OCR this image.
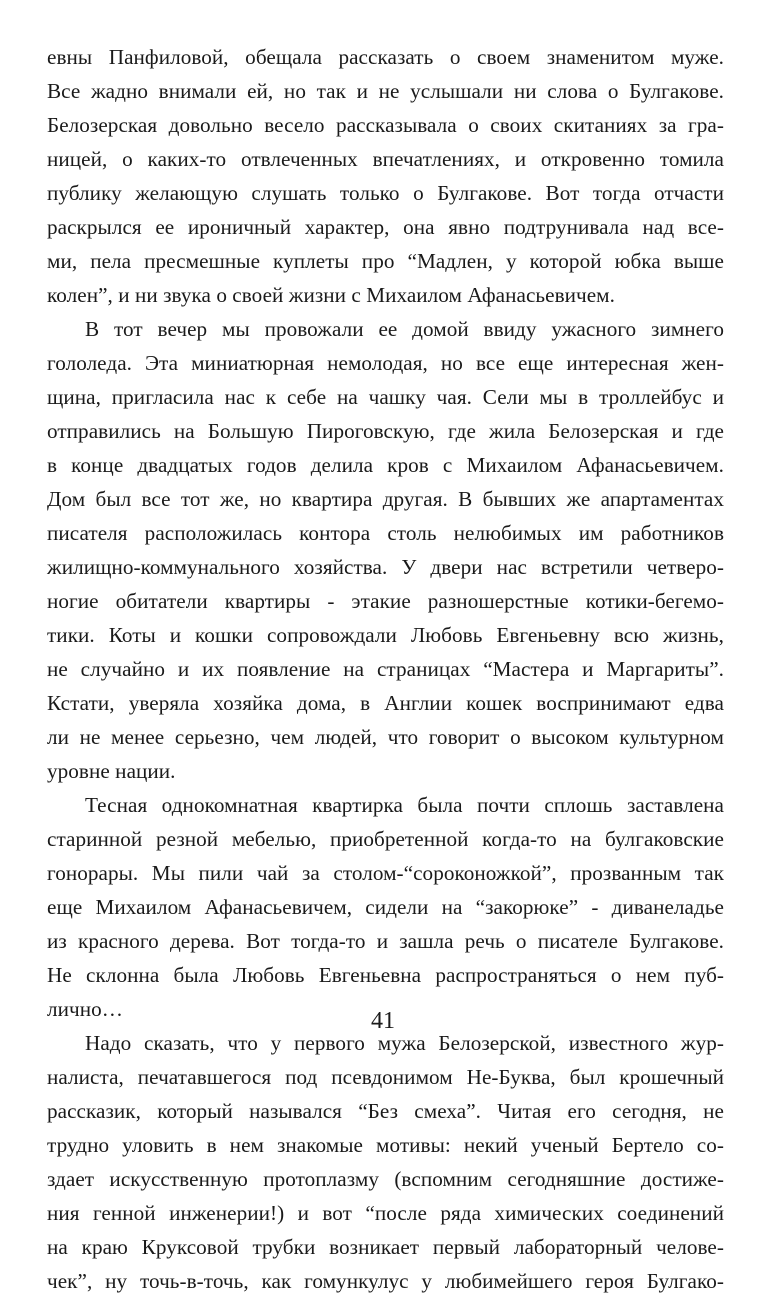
евны Панфиловой, обещала рассказать о своем знаменитом муже.
Все жадно внимали ей, но так и не услышали ни слова о Булгакове.
Белозерская довольно весело рассказывала о своих скитаниях за гра-
ницей, о каких-то отвлеченных впечатлениях, и откровенно томила
публику желающую слушать только о Булгакове. Вот тогда отчасти
раскрылся ее ироничный характер, она явно подтрунивала над все-
ми, пела пресмешные куплеты про “Мадлен, у которой юбка выше
колен”, и ни звука о своей жизни с Михаилом Афанасьевичем.
В тот вечер мы провожали ее домой ввиду ужасного зимнего
гололеда. Эта миниатюрная немолодая, но все еще интересная жен-
щина, пригласила нас к себе на чашку чая. Сели мы в троллейбус и
отправились на Большую Пироговскую, где жила Белозерская и где
в конце двадцатых годов делила кров с Михаилом Афанасьевичем.
Дом был все тот же, но квартира другая. В бывших же апартаментах
писателя расположилась контора столь нелюбимых им работников
жилищно-коммунального хозяйства. У двери нас встретили четверо-
ногие обитатели квартиры - этакие разношерстные котики-бегемо-
тики. Коты и кошки сопровождали Любовь Евгеньевну всю жизнь,
не случайно и их появление на страницах “Мастера и Маргариты”.
Кстати, уверяла хозяйка дома, в Англии кошек воспринимают едва
ли не менее серьезно, чем людей, что говорит о высоком культурном
уровне нации.
Тесная однокомнатная квартирка была почти сплошь заставлена
старинной резной мебелью, приобретенной когда-то на булгаковские
гонорары. Мы пили чай за столом-“сороконожкой”, прозванным так
еще Михаилом Афанасьевичем, сидели на “закорюке” - диванеладье
из красного дерева. Вот тогда-то и зашла речь о писателе Булгакове.
Не склонна была Любовь Евгеньевна распространяться о нем пуб-
лично…
Надо сказать, что у первого мужа Белозерской, известного жур-
налиста, печатавшегося под псевдонимом Не-Буква, был крошечный
рассказик, который назывался “Без смеха”. Читая его сегодня, не
трудно уловить в нем знакомые мотивы: некий ученый Бертело со-
здает искусственную протоплазму (вспомним сегодняшние достиже-
ния генной инженерии!) и вот “после ряда химических соединений
на краю Круксовой трубки возникает первый лабораторный челове-
чек”, ну точь-в-точь, как гомункулус у любимейшего героя Булгако-
41
